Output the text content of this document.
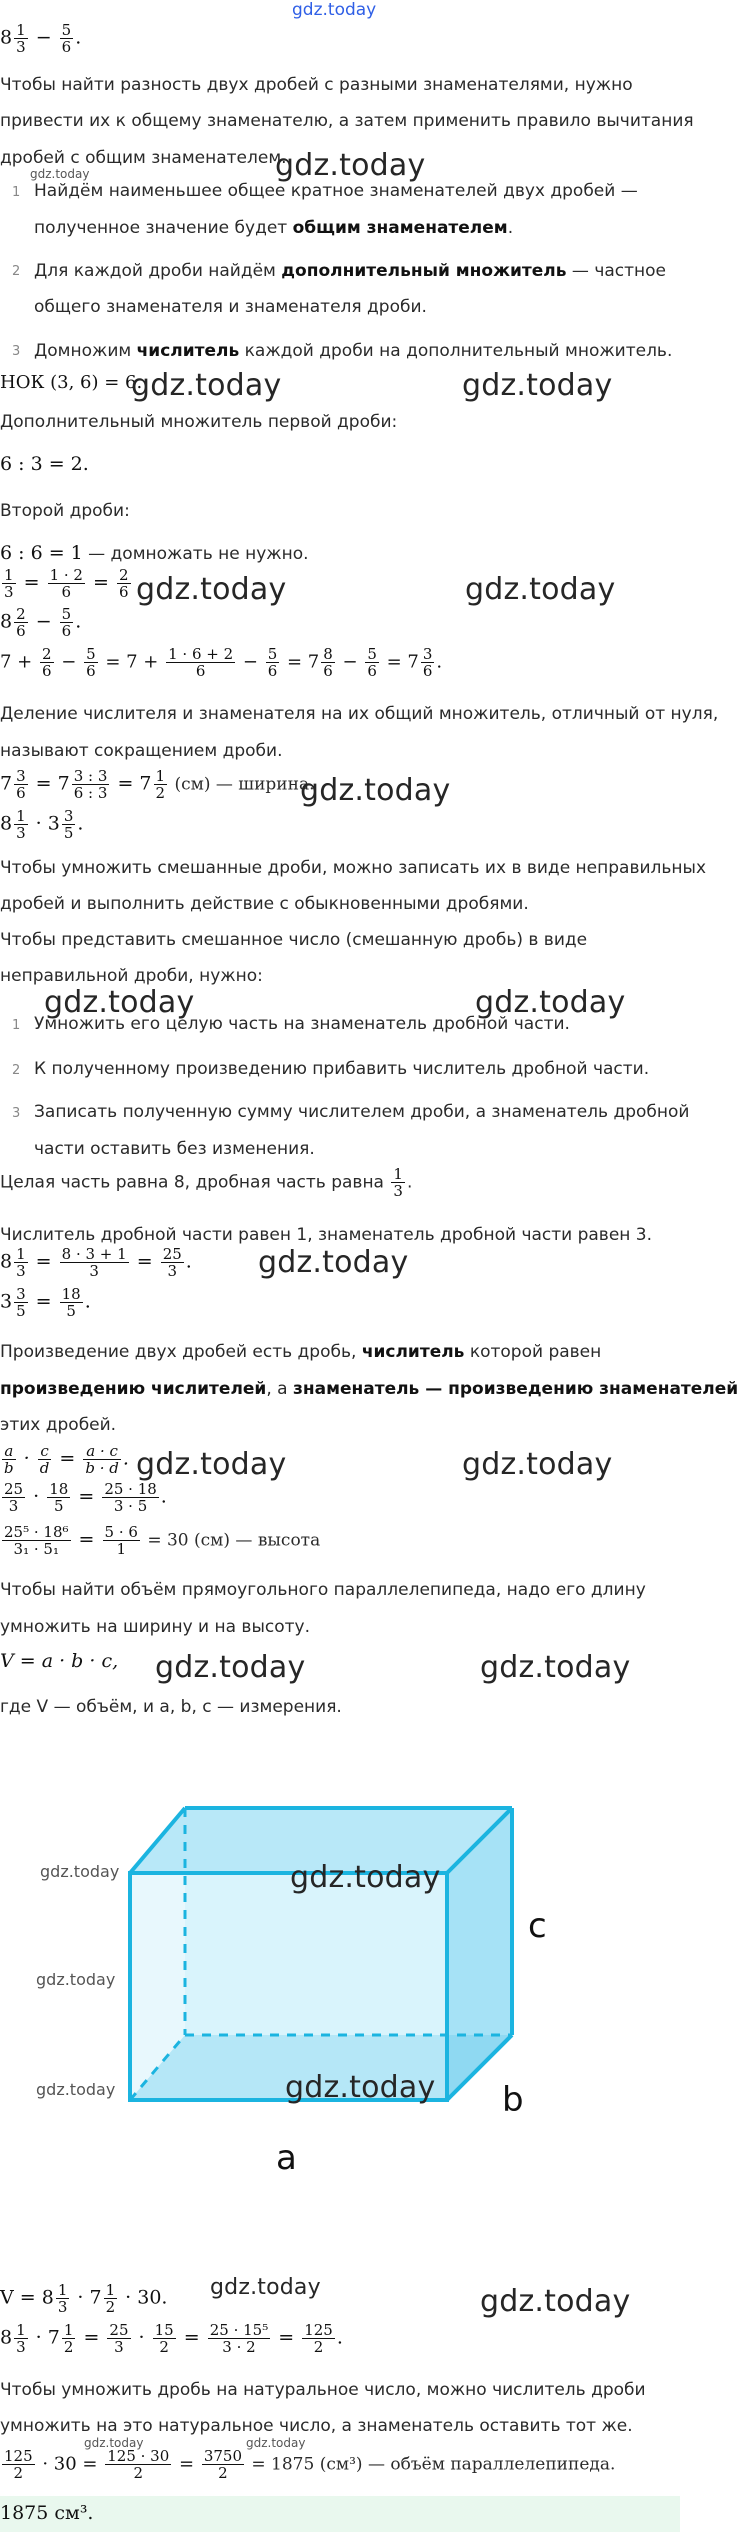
gdz.today
$8 \frac{1}{3} - \frac{5}{6}$ .
Чтобы найти разность двух дробей с разными знаменателями, нужно
привести их к общему знаменателю, а затем применить правило вычитания
дробей с общим знаменателем.
gdz.today	gdz.today
1 Найдём наименьшее общее кратное знаменателей двух дробей —
полученное значение будет общим знаменателем.
2 Для каждой дроби найдём дополнительный множитель — частное
общего знаменателя и знаменателя дроби.
3 Домножим числитель каждой дроби на дополнительный множитель.
НОК (3, 6) = 6.
gdz.today	gdz.today
Дополнительный множитель первой дроби:
6 : 3 = 2.
Второй дроби:
6 : 6 = 1 — домножать не нужно.
$\frac{1}{3} = \frac{1 \cdot 2}{6} = \frac{2}{6}$ gdz.today	gdz.today
$8 \frac{2}{6} - \frac{5}{6}$ .
$7 + \frac{2}{6} - \frac{5}{6} = 7 + \frac{1 \cdot 6 + 2}{6} - \frac{5}{6} = 7 \frac{8}{6} - \frac{5}{6} = 7 \frac{3}{6}$ .
Деление числителя и знаменателя на их общий множитель, отличный от нуля,
называют сокращением дроби.
$7 \frac{3}{6} = 7 \frac{3 : 3}{6 : 3} = 7 \frac{1}{2} (см)$ — ширина.
gdz.today
$8 \frac{1}{3} \cdot 3 \frac{3}{5}$ .
Чтобы умножить смешанные дроби, можно записать их в виде неправильных
дробей и выполнить действие с обыкновенными дробями.
Чтобы представить смешанное число (смешанную дробь) в виде
неправильной дроби, нужно:
gdz.today	gdz.today
1 Умножить его целую часть на знаменатель дробной части.
2 К полученному произведению прибавить числитель дробной части.
3 Записать полученную сумму числителем дроби, а знаменатель дробной
части оставить без изменения.
Целая часть равна 8, дробная часть равна $\frac{1}{3}$ .
Числитель дробной части равен 1, знаменатель дробной части равен 3.
$8 \frac{1}{3} = \frac{8 \cdot 3 + 1}{3} = \frac{25}{3}$ . gdz.today
$3 \frac{3}{5} = \frac{18}{5}$ .
Произведение двух дробей есть дробь, числитель которой равен
произведению числителей, а знаменатель — произведению знаменателей
этих дробей.
$\frac{a}{b} \cdot \frac{c}{d} = \frac{a \cdot c}{b \cdot d}$ . gdz.today	gdz.today
$\frac{25}{3} \cdot \frac{18}{5} = \frac{25 \cdot 18}{3 \cdot 5}$ .
$\frac{\text{25⁵ · 18⁶}}{\text{3₁ · 5₁}} = \frac{5 \cdot 6}{1} = 30$ (см) — высота
Чтобы найти объём прямоугольного параллелепипеда, надо его длину
умножить на ширину и на высоту.
V = a · b · c, gdz.today	gdz.today
где V — объём, и a, b, c — измерения.
gdz.today
gdz.today
gdz.today
gdz.today
gdz.today
c
b
a
$V = 8 \frac{1}{3} \cdot 7 \frac{1}{2} \cdot 30$. gdz.today	gdz.today
$8 \frac{1}{3} \cdot 7 \frac{1}{2} = \frac{25}{3} \cdot \frac{15}{2} = \frac{\text{25 · 15⁵}}{3 \cdot 2} = \frac{125}{2}$ .
Чтобы умножить дробь на натуральное число, можно числитель дроби
умножить на это натуральное число, а знаменатель оставить тот же.
gdz.today	gdz.today
$\frac{125}{2} \cdot 30 = \frac{125 \cdot 30}{2} = \frac{3750}{2} = 1875$ (см³) — объём параллелепипеда.
1875 см³.
